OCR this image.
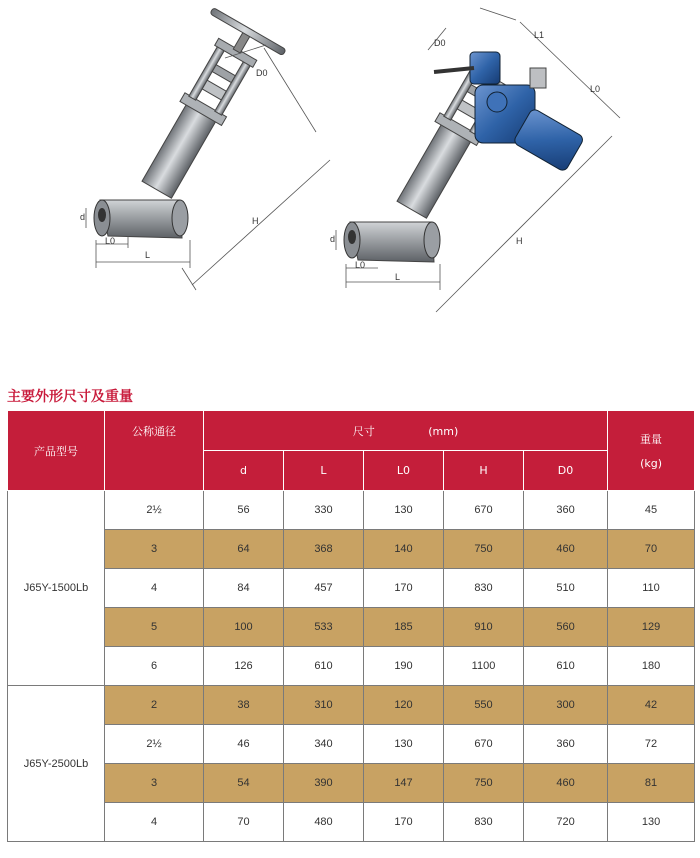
d
L0
L
H
D0
d
L0
L
H
D0
L1
L0
主要外形尺寸及重量
产品型号	公称通径	尺寸 (mm)					重量
(kg)

		d	L	L0	H	D0	
J65Y-1500Lb	2½	56	330	130	670	360	45
	3	64	368	140	750	460	70
	4	84	457	170	830	510	110
	5	100	533	185	910	560	129
	6	126	610	190	1100	610	180
J65Y-2500Lb	2	38	310	120	550	300	42
	2½	46	340	130	670	360	72
	3	54	390	147	750	460	81
	4	70	480	170	830	720	130
